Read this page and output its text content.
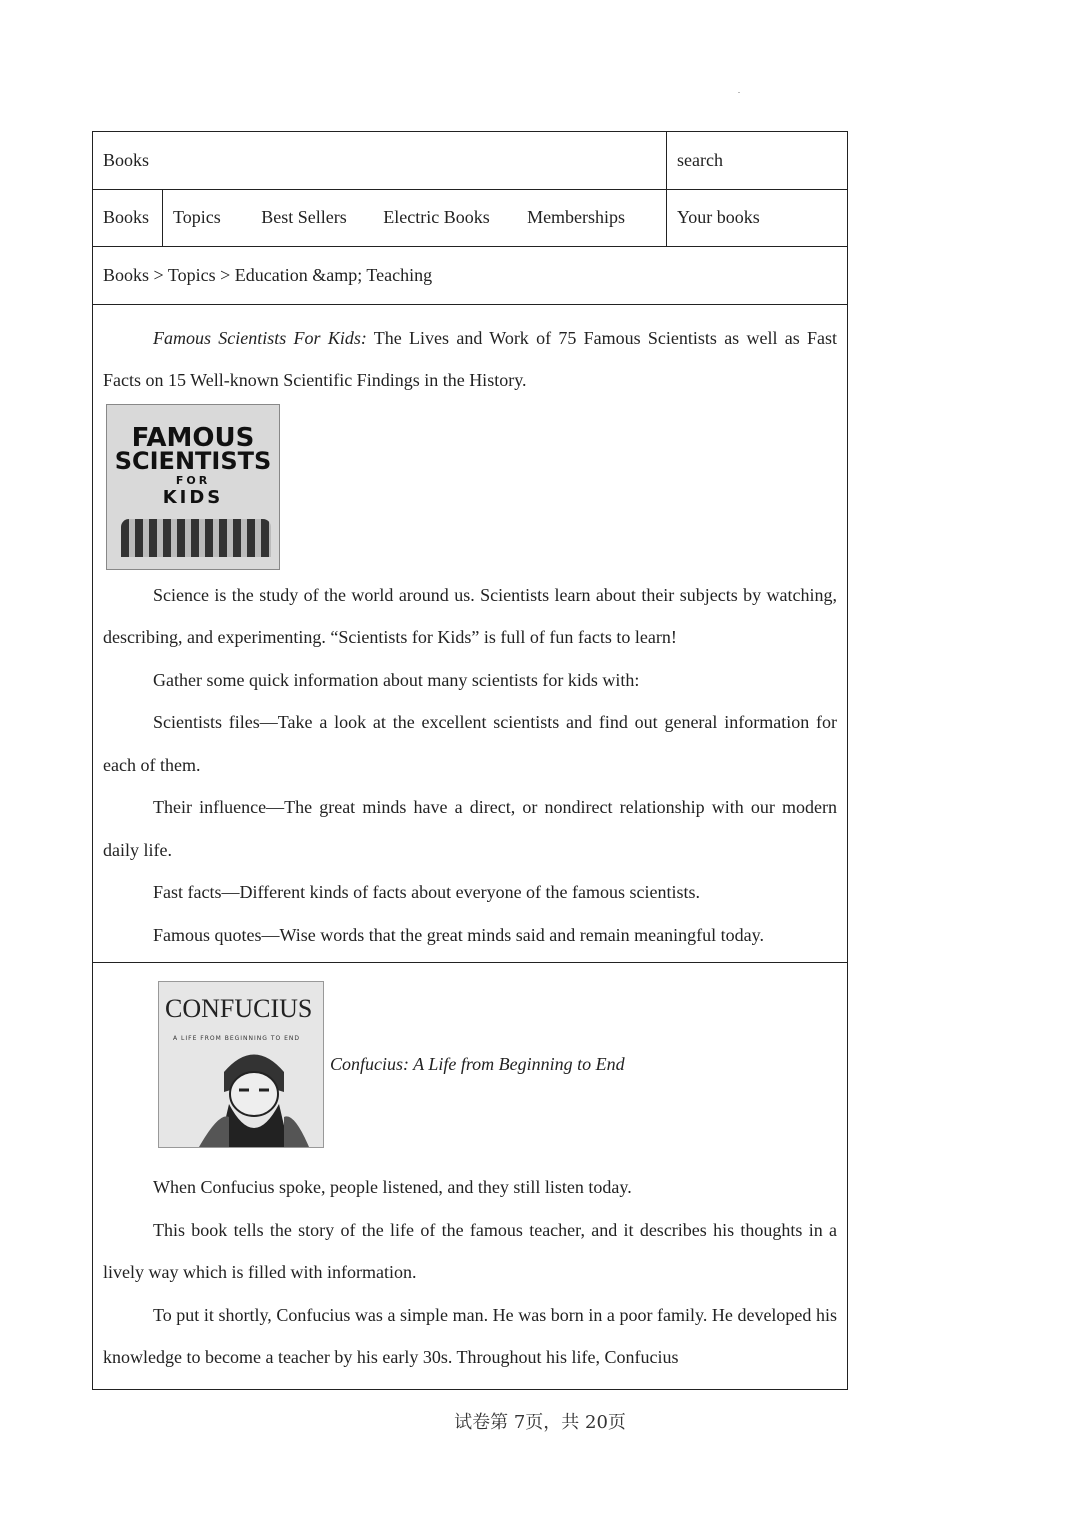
Books	search
Books	Topics	Best Sellers	Electric Books	Memberships	Your books
Books > Topics > Education &amp; Teaching

Famous Scientists For Kids: The Lives and Work of 75 Famous Scientists as well as Fast Facts on 15 Well-known Scientific Findings in the History.

FAMOUS
SCIENTISTS
FOR
KIDS

Science is the study of the world around us. Scientists learn about their subjects by watching, describing, and experimenting. “Scientists for Kids” is full of fun facts to learn!

Gather some quick information about many scientists for kids with:

Scientists files—Take a look at the excellent scientists and find out general information for each of them.

Their influence—The great minds have a direct, or nondirect relationship with our modern daily life.

Fast facts—Different kinds of facts about everyone of the famous scientists.

Famous quotes—Wise words that the great minds said and remain meaningful today.

CONFUCIUS
A LIFE FROM BEGINNING TO END
Confucius: A Life from Beginning to End

When Confucius spoke, people listened, and they still listen today.

This book tells the story of the life of the famous teacher, and it describes his thoughts in a lively way which is filled with information.

To put it shortly, Confucius was a simple man. He was born in a poor family. He developed his knowledge to become a teacher by his early 30s. Throughout his life, Confucius

试卷第 7页，共 20页
